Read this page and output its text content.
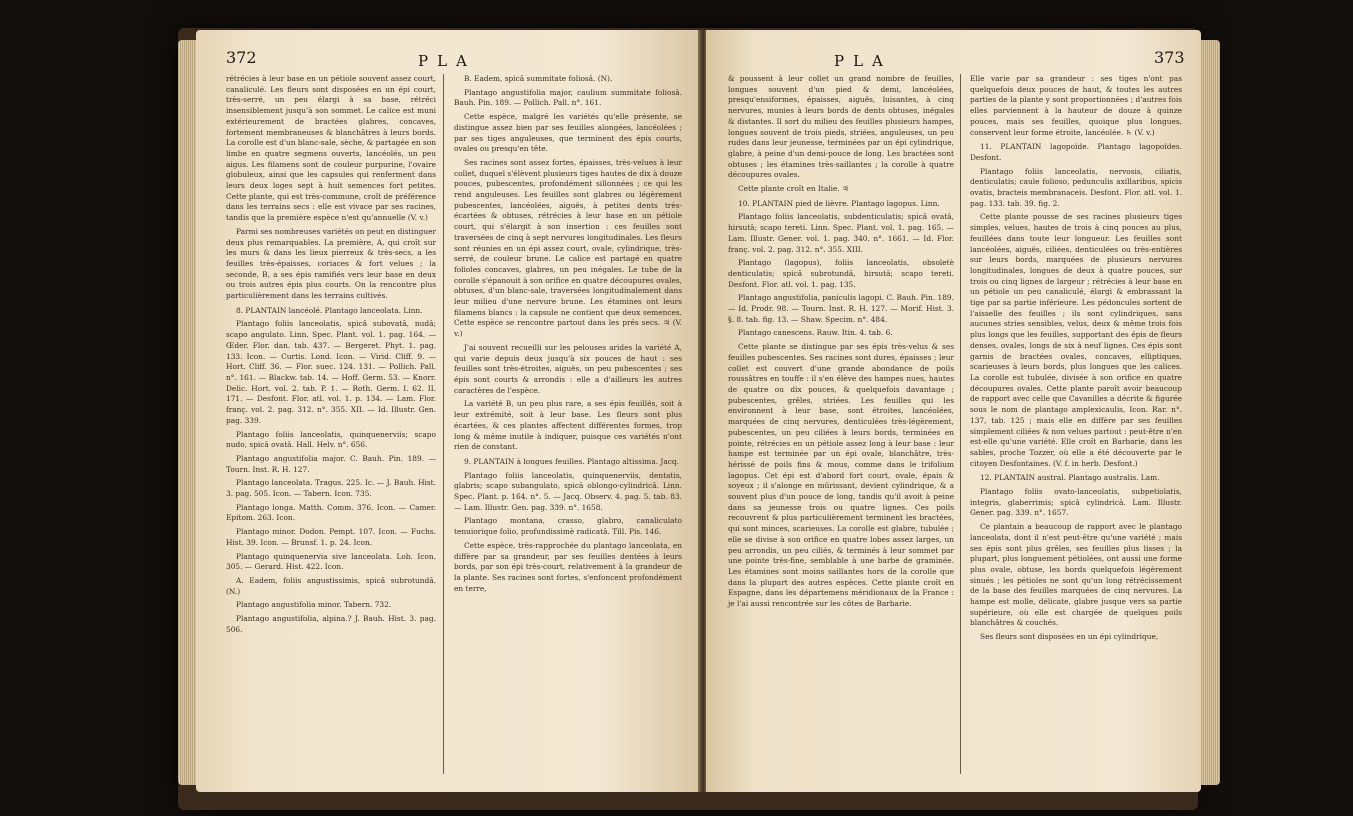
372	PLA

rétrécies à leur base en un pétiole souvent assez court, canaliculé. Les fleurs sont disposées en un épi court, très-serré, un peu élargi à sa base, rétréci insensiblement jusqu'à son sommet. Le calice est muni extérieurement de bractées glabres, concaves, fortement membraneuses & blanchâtres à leurs bords. La corolle est d'un blanc-sale, sèche, & partagée en son limbe en quatre segmens ouverts, lancéolés, un peu aigus. Les filamens sont de couleur purpurine, l'ovaire globuleux, ainsi que les capsules qui renferment dans leurs deux loges sept à huit semences fort petites. Cette plante, qui est très-commune, croît de préférence dans les terrains secs : elle est vivace par ses racines, tandis que la première espèce n'est qu'annuelle (V. v.)

Parmi ses nombreuses variétés on peut en distinguer deux plus remarquables. La première, A, qui croît sur les murs & dans les lieux pierreux & très-secs, a les feuilles très-épaisses, coriaces & fort velues ; la seconde, B, a ses épis ramifiés vers leur base en deux ou trois autres épis plus courts. On la rencontre plus particulièrement dans les terrains cultivés.

8. PLANTAIN lancéolé. Plantago lanceolata. Linn.

Plantago foliis lanceolatis, spicâ subovatâ, nudâ; scapo angulato. Linn. Spec. Plant. vol. 1. pag. 164. — Œder. Flor. dan. tab. 437. — Bergeret. Phyt. 1. pag. 133. Icon. — Curtis. Lond. Icon. — Virid. Cliff. 9. — Hort. Cliff. 36. — Flor. suec. 124. 131. — Pollich. Pall. n°. 161. — Blackw. tab. 14. — Hoff. Germ. 53. — Knorr. Delic. Hort. vol. 2. tab. P. 1. — Roth. Germ. I. 62. II. 171. — Desfont. Flor. atl. vol. 1. p. 134. — Lam. Flor. franç. vol. 2. pag. 312. n°. 355. XII. — Id. Illustr. Gen. pag. 339.

Plantago foliis lanceolatis, quinquenerviis; scapo nudo, spicâ ovatâ. Hall. Helv. n°. 656.

Plantago angustifolia major. C. Bauh. Pin. 189. — Tourn. Inst. R. H. 127.

Plantago lanceolata. Tragus. 225. Ic. — J. Bauh. Hist. 3. pag. 505. Icon. — Tabern. Icon. 735.

Plantago longa. Matth. Comm. 376. Icon. — Camer. Epitom. 263. Icon.

Plantago minor. Dodon. Pempt. 107. Icon. — Fuchs. Hist. 39. Icon. — Brunsf. 1. p. 24. Icon.

Plantago quinquenervia sive lanceolata. Lob. Icon. 305. — Gerard. Hist. 422. Icon.

A. Eadem, foliis angustissimis, spicâ subrotundâ. (N.)

Plantago angustifolia minor. Tabern. 732.

Plantago angustifolia, alpina.? J. Bauh. Hist. 3. pag. 506.

B. Eadem, spicâ summitate foliosâ. (N).

Plantago angustifolia major, caulium summitate foliosâ. Bauh. Pin. 189. — Pollich. Pall. n°. 161.

Cette espèce, malgré les variétés qu'elle présente, se distingue assez bien par ses feuilles alongées, lancéolées ; par ses tiges anguleuses, que terminent des épis courts, ovales ou presqu'en tête.

Ses racines sont assez fortes, épaisses, très-velues à leur collet, duquel s'élèvent plusieurs tiges hautes de dix à douze pouces, pubescentes, profondément sillonnées ; ce qui les rend anguleuses. Les feuilles sont glabres ou légèrement pubescentes, lancéolées, aiguës, à petites dents très-écartées & obtuses, rétrécies à leur base en un pétiole court, qui s'élargit à son insertion : ces feuilles sont traversées de cinq à sept nervures longitudinales. Les fleurs sont réunies en un épi assez court, ovale, cylindrique, très-serré, de couleur brune. Le calice est partagé en quatre folioles concaves, glabres, un peu inégales. Le tube de la corolle s'épanouit à son orifice en quatre découpures ovales, obtuses, d'un blanc-sale, traversées longitudinalement dans leur milieu d'une nervure brune. Les étamines ont leurs filamens blancs : la capsule ne contient que deux semences. Cette espèce se rencontre partout dans les prés secs. ♃ (V. v.)

J'ai souvent recueilli sur les pelouses arides la variété A, qui varie depuis deux jusqu'à six pouces de haut : ses feuilles sont très-étroites, aiguës, un peu pubescentes ; ses épis sont courts & arrondis : elle a d'ailleurs les autres caractères de l'espèce.

La variété B, un peu plus rare, a ses épis feuillés, soit à leur extrémité, soit à leur base. Les fleurs sont plus écartées, & ces plantes affectent différentes formes, trop long & même inutile à indiquer, puisque ces variétés n'ont rien de constant.

9. PLANTAIN à longues feuilles. Plantago altissima. Jacq.

Plantago foliis lanceolatis, quinquenerviis, dentatis, glabris; scapo subangulato, spicâ oblongo-cylindricâ. Linn. Spec. Plant. p. 164. n°. 5. — Jacq. Observ. 4. pag. 5. tab. 83. — Lam. Illustr. Gen. pag. 339. n°. 1658.

Plantago montana, crasso, glabro, canaliculato tenuiorique folio, profundissimè radicatâ. Till. Pis. 146.

Cette espèce, très-rapprochée du plantago lanceolata, en diffère par sa grandeur, par ses feuilles dentées à leurs bords, par son épi très-court, relativement à la grandeur de la plante. Ses racines sont fortes, s'enfoncent profondément en terre,

PLA	373

& poussent à leur collet un grand nombre de feuilles, longues souvent d'un pied & demi, lancéolées, presqu'ensiformes, épaisses, aiguës, luisantes, à cinq nervures, munies à leurs bords de dents obtuses, inégales & distantes. Il sort du milieu des feuilles plusieurs hampes, longues souvent de trois pieds, striées, anguleuses, un peu rudes dans leur jeunesse, terminées par un épi cylindrique, glabre, à peine d'un demi-pouce de long. Les bractées sont obtuses ; les étamines très-saillantes ; la corolle à quatre découpures ovales.

Cette plante croît en Italie. ♃

10. PLANTAIN pied de lièvre. Plantago lagopus. Linn.

Plantago foliis lanceolatis, subdenticulatis; spicâ ovatâ, hirsutâ; scapo tereti. Linn. Spec. Plant. vol. 1. pag. 165. — Lam. Illustr. Gener. vol. 1. pag. 340. n°. 1661. — Id. Flor. franç. vol. 2. pag. 312. n°. 355. XIII.

Plantago (lagopus), foliis lanceolatis, obsoletè denticulatis; spicâ subrotundâ, hirsutâ; scapo tereti. Desfont. Flor. atl. vol. 1. pag. 135.

Plantago angustifolia, paniculis lagopi. C. Bauh. Pin. 189. — Id. Prodr. 98. — Tourn. Inst. R. H. 127. — Morif. Hist. 3. §. 8. tab. fig. 13. — Shaw. Specim. n°. 484.

Plantago canescens. Rauw. Itin. 4. tab. 6.

Cette plante se distingue par ses épis très-velus & ses feuilles pubescentes. Ses racines sont dures, épaisses ; leur collet est couvert d'une grande abondance de poils roussâtres en touffe : il s'en élève des hampes nues, hautes de quatre ou dix pouces, & quelquefois davantage ; pubescentes, grêles, striées. Les feuilles qui les environnent à leur base, sont étroites, lancéolées, marquées de cinq nervures, denticulées très-légèrement, pubescentes, un peu ciliées à leurs bords, terminées en pointe, rétrécies en un pétiole assez long à leur base : leur hampe est terminée par un épi ovale, blanchâtre, très-hérissé de poils fins & mous, comme dans le trifolium lagopus. Cet épi est d'abord fort court, ovale, épais & soyeux ; il s'alonge en mûrissant, devient cylindrique, & a souvent plus d'un pouce de long, tandis qu'il avoit à peine dans sa jeunesse trois ou quatre lignes. Ces poils recouvrent & plus particulièrement terminent les bractées, qui sont minces, scarieuses. La corolle est glabre, tubulée ; elle se divise à son orifice en quatre lobes assez larges, un peu arrondis, un peu ciliés, & terminés à leur sommet par une pointe très-fine, semblable à une barbe de graminée. Les étamines sont moins saillantes hors de la corolle que dans la plupart des autres espèces. Cette plante croît en Espagne, dans les départemens méridionaux de la France : je l'ai aussi rencontrée sur les côtes de Barbarie.

Elle varie par sa grandeur : ses tiges n'ont pas quelquefois deux pouces de haut, & toutes les autres parties de la plante y sont proportionnées ; d'autres fois elles parviennent à la hauteur de douze à quinze pouces, mais ses feuilles, quoique plus longues, conservent leur forme étroite, lancéolée. ♄ (V. v.)

11. PLANTAIN lagopoïde. Plantago lagopoïdes. Desfont.

Plantago foliis lanceolatis, nervosis, ciliatis, denticulatis; caule folioso, pedunculis axillaribus, spicis ovatis, bracteis membranaceis. Desfont. Flor. atl. vol. 1. pag. 133. tab. 39. fig. 2.

Cette plante pousse de ses racines plusieurs tiges simples, velues, hautes de trois à cinq pouces au plus, feuillées dans toute leur longueur. Les feuilles sont lancéolées, aiguës, ciliées, denticulées ou très-entières sur leurs bords, marquées de plusieurs nervures longitudinales, longues de deux à quatre pouces, sur trois ou cinq lignes de largeur ; rétrécies à leur base en un pétiole un peu canaliculé, élargi & embrassant la tige par sa partie inférieure. Les pédoncules sortent de l'aisselle des feuilles ; ils sont cylindriques, sans aucunes stries sensibles, velus, deux & même trois fois plus longs que les feuilles, supportant des épis de fleurs denses, ovales, longs de six à neuf lignes. Ces épis sont garnis de bractées ovales, concaves, elliptiques, scarieuses à leurs bords, plus longues que les calices. La corolle est tubulée, divisée à son orifice en quatre découpures ovales. Cette plante paroît avoir beaucoup de rapport avec celle que Cavanilles a décrite & figurée sous le nom de plantago amplexicaulis, Icon. Rar. n°. 137, tab. 125 ; mais elle en diffère par ses feuilles simplement ciliées & non velues partout : peut-être n'en est-elle qu'une variété. Elle croît en Barbarie, dans les sables, proche Tozzer, où elle a été découverte par le citoyen Desfontaines. (V. f. in herb. Desfont.)

12. PLANTAIN austral. Plantago australis. Lam.

Plantago foliis ovato-lanceolatis, subpetiolatis, integris, glaberrimis; spicâ cylindricâ. Lam. Illustr. Gener. pag. 339. n°. 1657.

Ce plantain a beaucoup de rapport avec le plantago lanceolata, dont il n'est peut-être qu'une variété ; mais ses épis sont plus grêles, ses feuilles plus lisses ; la plupart, plus longuement pétiolées, ont aussi une forme plus ovale, obtuse, les bords quelquefois légèrement sinués ; les pétioles ne sont qu'un long rétrécissement de la base des feuilles marquées de cinq nervures. La hampe est molle, délicate, glabre jusque vers sa partie supérieure, où elle est chargée de quelques poils blanchâtres & couchés.

Ses fleurs sont disposées en un épi cylindrique,
